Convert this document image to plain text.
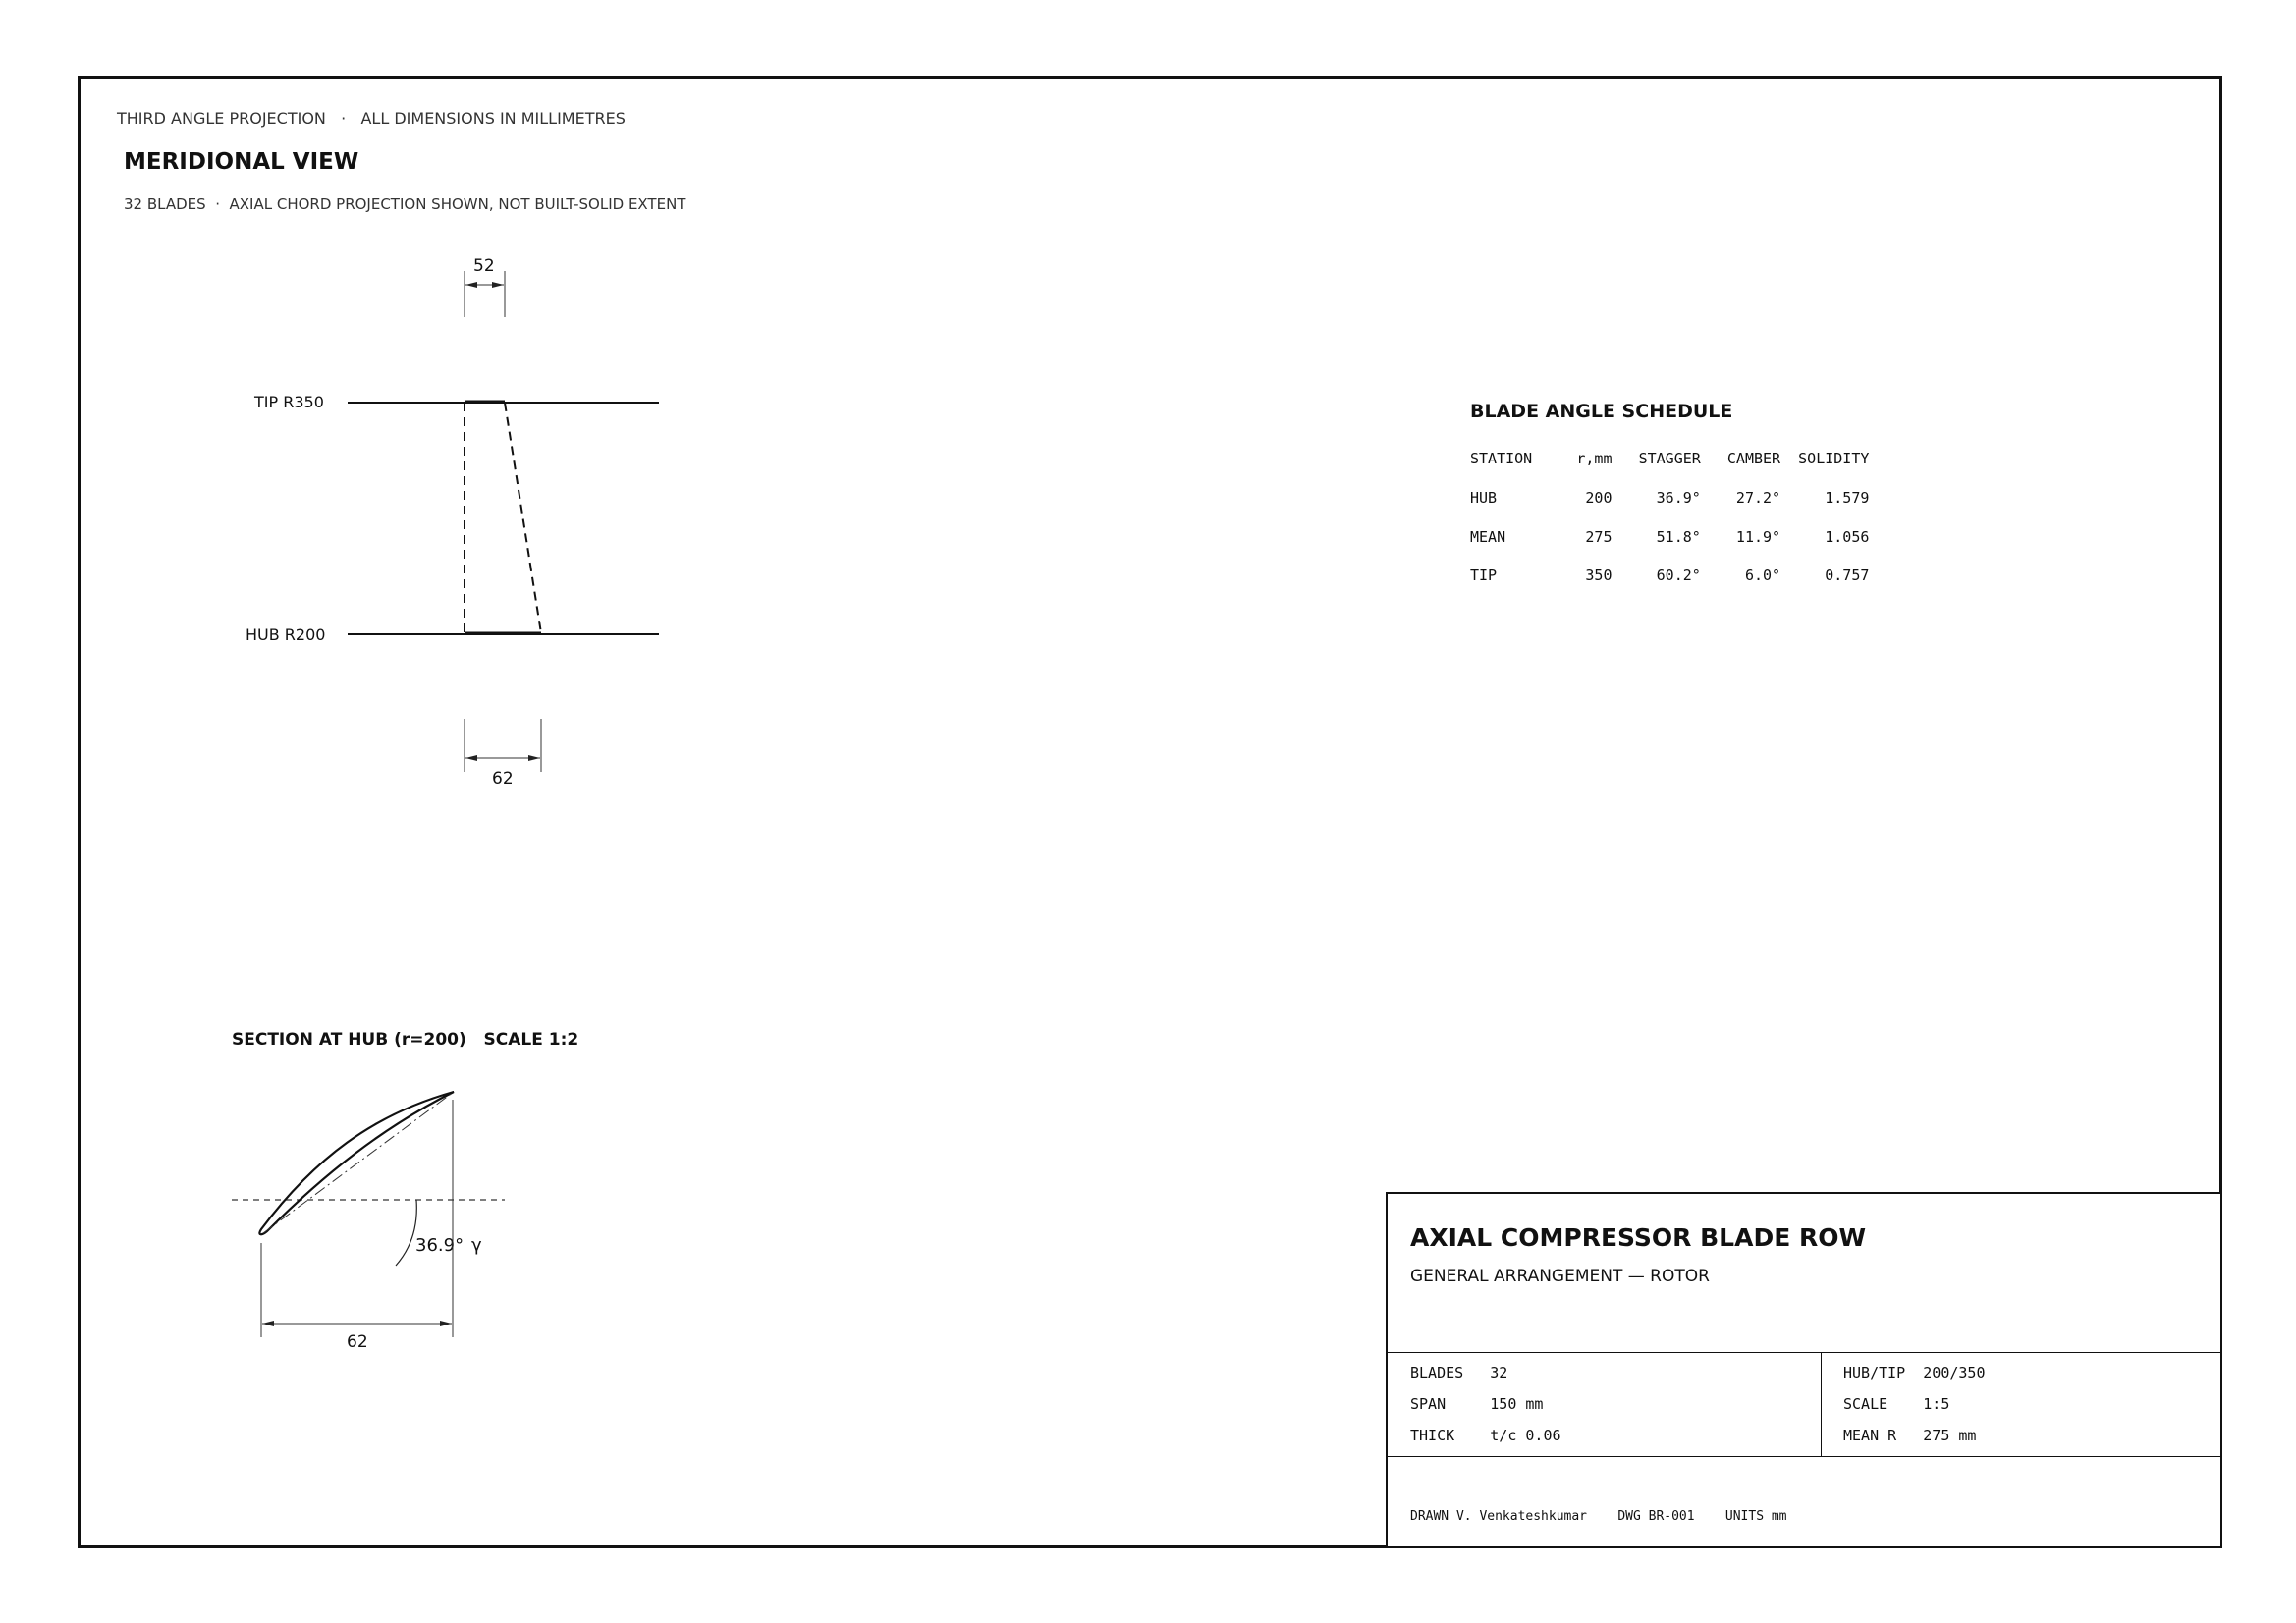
THIRD ANGLE PROJECTION   ·   ALL DIMENSIONS IN MILLIMETRES
MERIDIONAL VIEW
32 BLADES  ·  AXIAL CHORD PROJECTION SHOWN, NOT BUILT-SOLID EXTENT
TIP R350
HUB R200
52
62
BLADE ANGLE SCHEDULE
STATION     r,mm   STAGGER   CAMBER  SOLIDITY
HUB          200     36.9°    27.2°     1.579
MEAN         275     51.8°    11.9°     1.056
TIP          350     60.2°     6.0°     0.757
SECTION AT HUB (r=200)   SCALE 1:2
36.9° γ
62
AXIAL COMPRESSOR BLADE ROW
GENERAL ARRANGEMENT — ROTOR
BLADES   32
SPAN     150 mm
THICK    t/c 0.06
HUB/TIP  200/350
SCALE    1:5
MEAN R   275 mm
DRAWN V. Venkateshkumar    DWG BR-001    UNITS mm
